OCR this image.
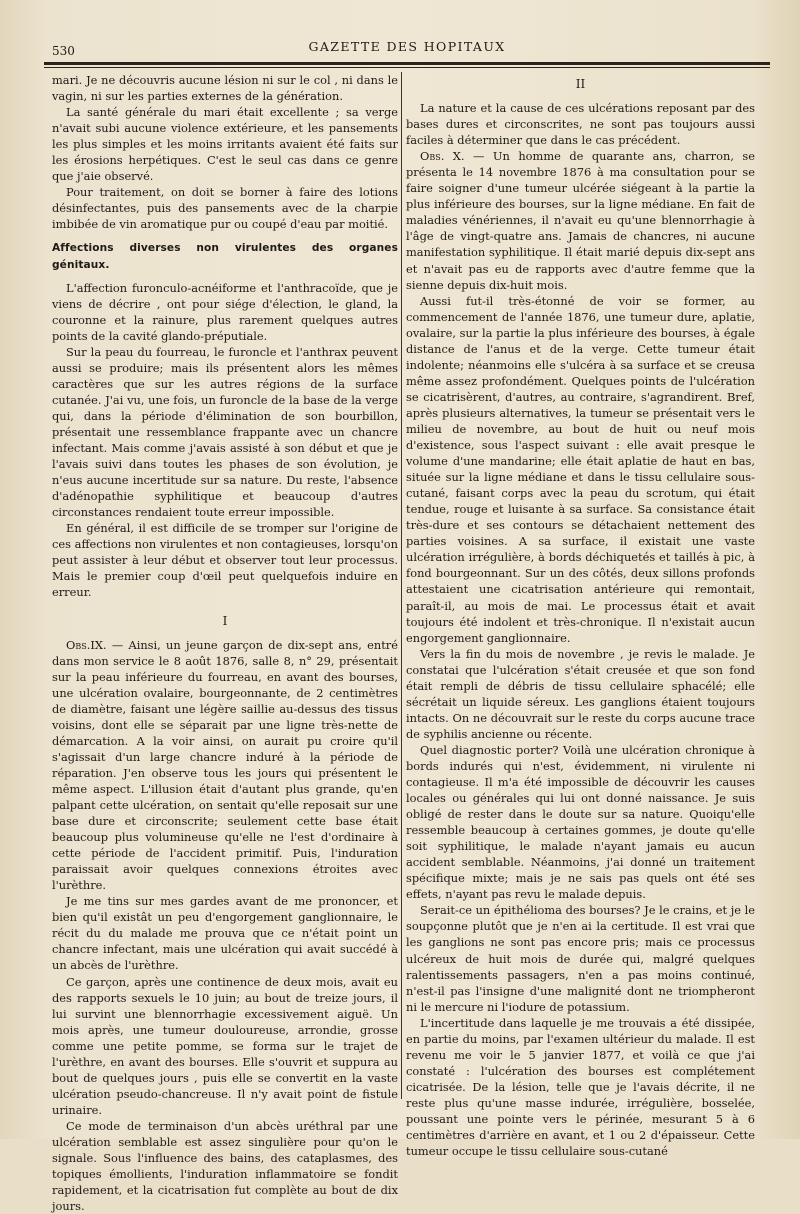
530	GAZETTE DES HOPITAUX

mari. Je ne découvris aucune lésion ni sur le col , ni dans le vagin, ni sur les parties externes de la génération.

La santé générale du mari était excellente ; sa verge n'avait subi aucune violence extérieure, et les pansements les plus simples et les moins irritants avaient été faits sur les érosions herpétiques. C'est le seul cas dans ce genre que j'aie observé.

Pour traitement, on doit se borner à faire des lotions désinfectantes, puis des pansements avec de la charpie imbibée de vin aromatique pur ou coupé d'eau par moitié.

Affections diverses non virulentes des organes génitaux.

L'affection furonculo-acnéiforme et l'anthracoïde, que je viens de décrire , ont pour siége d'élection, le gland, la couronne et la rainure, plus rarement quelques autres points de la cavité glando-préputiale.

Sur la peau du fourreau, le furoncle et l'anthrax peuvent aussi se produire; mais ils présentent alors les mêmes caractères que sur les autres régions de la surface cutanée. J'ai vu, une fois, un furoncle de la base de la verge qui, dans la période d'élimination de son bourbillon, présentait une ressemblance frappante avec un chancre infectant. Mais comme j'avais assisté à son début et que je l'avais suivi dans toutes les phases de son évolution, je n'eus aucune incertitude sur sa nature. Du reste, l'absence d'adénopathie syphilitique et beaucoup d'autres circonstances rendaient toute erreur impossible.

En général, il est difficile de se tromper sur l'origine de ces affections non virulentes et non contagieuses, lorsqu'on peut assister à leur début et observer tout leur processus. Mais le premier coup d'œil peut quelquefois induire en erreur.

I

Obs.IX. — Ainsi, un jeune garçon de dix-sept ans, entré dans mon service le 8 août 1876, salle 8, n° 29, présentait sur la peau inférieure du fourreau, en avant des bourses, une ulcération ovalaire, bourgeonnante, de 2 centimètres de diamètre, faisant une légère saillie au-dessus des tissus voisins, dont elle se séparait par une ligne très-nette de démarcation. A la voir ainsi, on aurait pu croire qu'il s'agissait d'un large chancre induré à la période de réparation. J'en observe tous les jours qui présentent le même aspect. L'illusion était d'autant plus grande, qu'en palpant cette ulcération, on sentait qu'elle reposait sur une base dure et circonscrite; seulement cette base était beaucoup plus volumineuse qu'elle ne l'est d'ordinaire à cette période de l'accident primitif. Puis, l'induration paraissait avoir quelques connexions étroites avec l'urèthre.

Je me tins sur mes gardes avant de me prononcer, et bien qu'il existât un peu d'engorgement ganglionnaire, le récit du du malade me prouva que ce n'était point un chancre infectant, mais une ulcération qui avait succédé à un abcès de l'urèthre.

Ce garçon, après une continence de deux mois, avait eu des rapports sexuels le 10 juin; au bout de treize jours, il lui survint une blennorrhagie excessivement aiguë. Un mois après, une tumeur douloureuse, arrondie, grosse comme une petite pomme, se forma sur le trajet de l'urèthre, en avant des bourses. Elle s'ouvrit et suppura au bout de quelques jours , puis elle se convertit en la vaste ulcération pseudo-chancreuse. Il n'y avait point de fistule urinaire.

Ce mode de terminaison d'un abcès uréthral par une ulcération semblable est assez singulière pour qu'on le signale. Sous l'influence des bains, des cataplasmes, des topiques émollients, l'induration inflammatoire se fondit rapidement, et la cicatrisation fut complète au bout de dix jours.

II

La nature et la cause de ces ulcérations reposant par des bases dures et circonscrites, ne sont pas toujours aussi faciles à déterminer que dans le cas précédent.

Obs. X. — Un homme de quarante ans, charron, se présenta le 14 novembre 1876 à ma consultation pour se faire soigner d'une tumeur ulcérée siégeant à la partie la plus inférieure des bourses, sur la ligne médiane. En fait de maladies vénériennes, il n'avait eu qu'une blennorrhagie à l'âge de vingt-quatre ans. Jamais de chancres, ni aucune manifestation syphilitique. Il était marié depuis dix-sept ans et n'avait pas eu de rapports avec d'autre femme que la sienne depuis dix-huit mois.

Aussi fut-il très-étonné de voir se former, au commencement de l'année 1876, une tumeur dure, aplatie, ovalaire, sur la partie la plus inférieure des bourses, à égale distance de l'anus et de la verge. Cette tumeur était indolente; néanmoins elle s'ulcéra à sa surface et se creusa même assez profondément. Quelques points de l'ulcération se cicatrisèrent, d'autres, au contraire, s'agrandirent. Bref, après plusieurs alternatives, la tumeur se présentait vers le milieu de novembre, au bout de huit ou neuf mois d'existence, sous l'aspect suivant : elle avait presque le volume d'une mandarine; elle était aplatie de haut en bas, située sur la ligne médiane et dans le tissu cellulaire sous-cutané, faisant corps avec la peau du scrotum, qui était tendue, rouge et luisante à sa surface. Sa consistance était très-dure et ses contours se détachaient nettement des parties voisines. A sa surface, il existait une vaste ulcération irrégulière, à bords déchiquetés et taillés à pic, à fond bourgeonnant. Sur un des côtés, deux sillons profonds attestaient une cicatrisation antérieure qui remontait, paraît-il, au mois de mai. Le processus était et avait toujours été indolent et très-chronique. Il n'existait aucun engorgement ganglionnaire.

Vers la fin du mois de novembre , je revis le malade. Je constatai que l'ulcération s'était creusée et que son fond était rempli de débris de tissu cellulaire sphacélé; elle sécrétait un liquide séreux. Les ganglions étaient toujours intacts. On ne découvrait sur le reste du corps aucune trace de syphilis ancienne ou récente.

Quel diagnostic porter? Voilà une ulcération chronique à bords indurés qui n'est, évidemment, ni virulente ni contagieuse. Il m'a été impossible de découvrir les causes locales ou générales qui lui ont donné naissance. Je suis obligé de rester dans le doute sur sa nature. Quoiqu'elle ressemble beaucoup à certaines gommes, je doute qu'elle soit syphilitique, le malade n'ayant jamais eu aucun accident semblable. Néanmoins, j'ai donné un traitement spécifique mixte; mais je ne sais pas quels ont été ses effets, n'ayant pas revu le malade depuis.

Serait-ce un épithélioma des bourses? Je le crains, et je le soupçonne plutôt que je n'en ai la certitude. Il est vrai que les ganglions ne sont pas encore pris; mais ce processus ulcéreux de huit mois de durée qui, malgré quelques ralentissements passagers, n'en a pas moins continué, n'est-il pas l'insigne d'une malignité dont ne triompheront ni le mercure ni l'iodure de potassium.

L'incertitude dans laquelle je me trouvais a été dissipée, en partie du moins, par l'examen ultérieur du malade. Il est revenu me voir le 5 janvier 1877, et voilà ce que j'ai constaté : l'ulcération des bourses est complétement cicatrisée. De la lésion, telle que je l'avais décrite, il ne reste plus qu'une masse indurée, irrégulière, bosselée, poussant une pointe vers le périnée, mesurant 5 à 6 centimètres d'arrière en avant, et 1 ou 2 d'épaisseur. Cette tumeur occupe le tissu cellulaire sous-cutané
